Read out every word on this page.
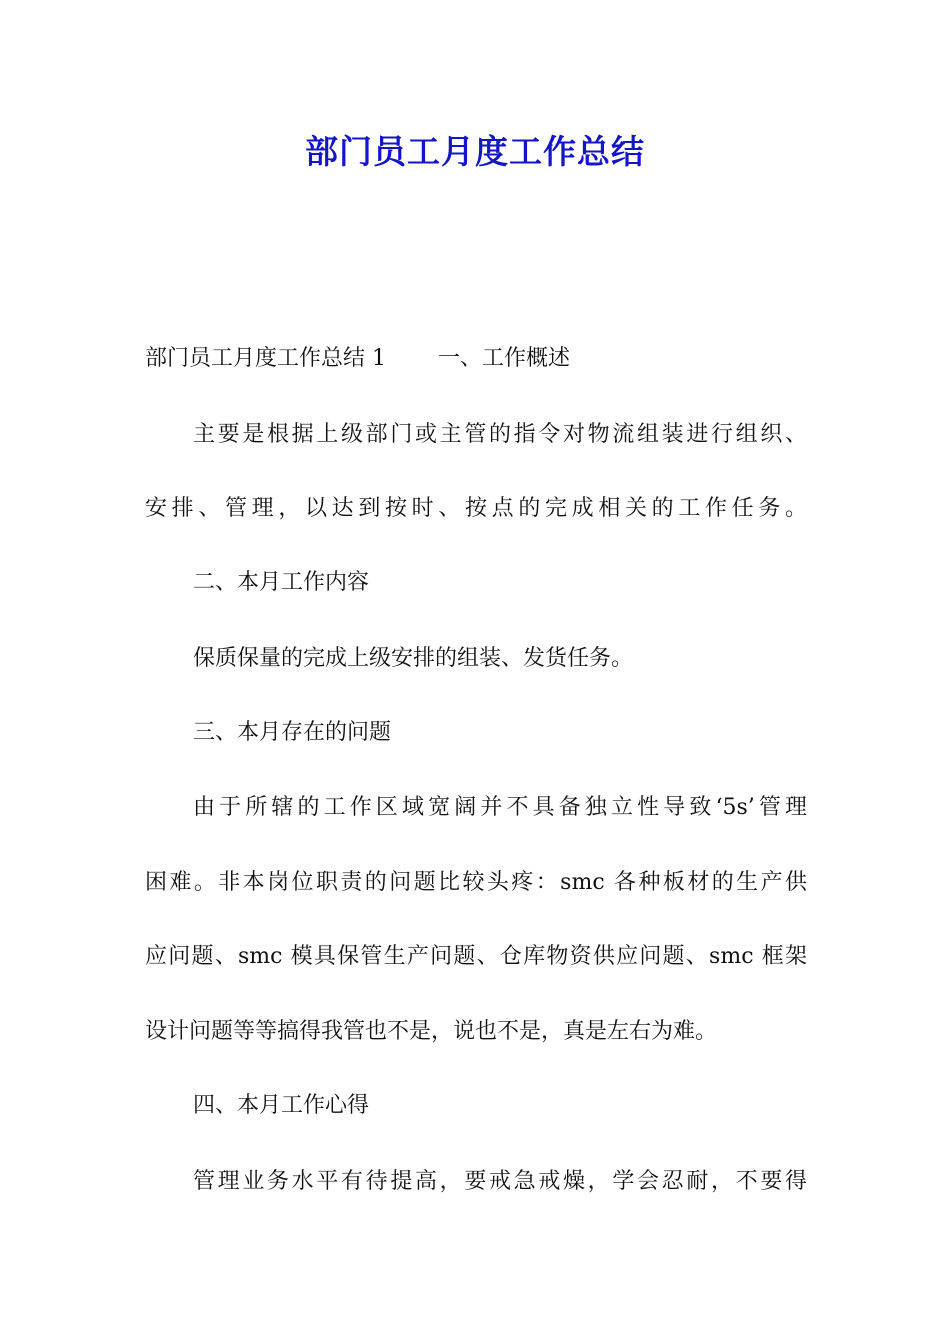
部门员工月度工作总结
部门员工月度工作总结 1 一、工作概述
主要是根据上级部门或主管的指令对物流组装进行组织、
安排、管理，以达到按时、按点的完成相关的工作任务。
二、本月工作内容
保质保量的完成上级安排的组装、发货任务。
三、本月存在的问题
由于所辖的工作区域宽阔并不具备独立性导致‘5s’管理
困难。非本岗位职责的问题比较头疼：smc 各种板材的生产供
应问题、smc 模具保管生产问题、仓库物资供应问题、smc 框架
设计问题等等搞得我管也不是，说也不是，真是左右为难。
四、本月工作心得
管理业务水平有待提高，要戒急戒燥，学会忍耐，不要得
